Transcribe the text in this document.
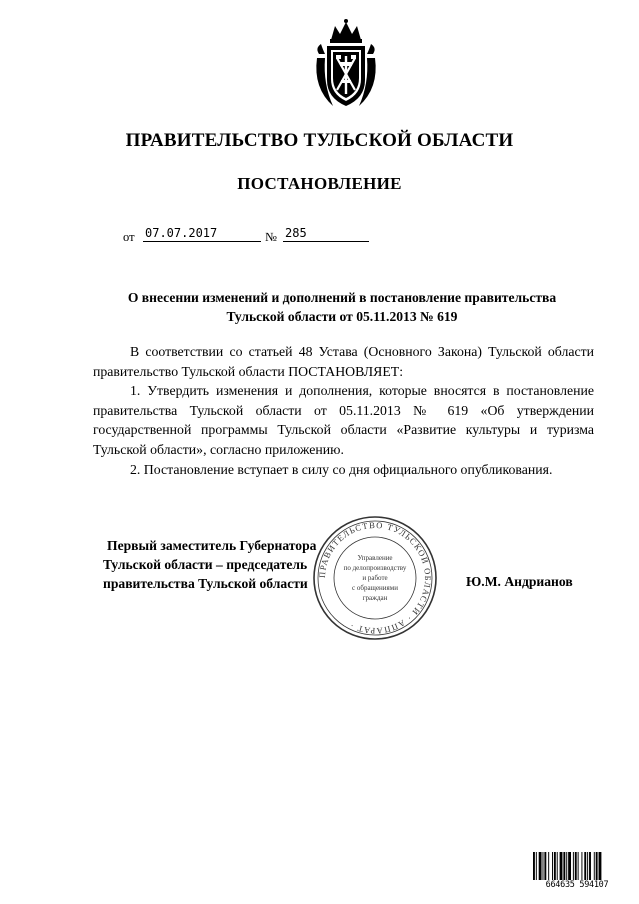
ПРАВИТЕЛЬСТВО ТУЛЬСКОЙ ОБЛАСТИ
ПОСТАНОВЛЕНИЕ
от 07.07.2017	№ 285
О внесении изменений и дополнений в постановление правительства
Тульской области от 05.11.2013 № 619

В соответствии со статьей 48 Устава (Основного Закона) Тульской области правительство Тульской области ПОСТАНОВЛЯЕТ:

1. Утвердить изменения и дополнения, которые вносятся в постановление правительства Тульской области от 05.11.2013 № 619 «Об утверждении государственной программы Тульской области «Развитие культуры и туризма Тульской области», согласно приложению.

2. Постановление вступает в силу со дня официального опубликования.

Первый заместитель Губернатора
Тульской области – председатель
правительства Тульской области	Ю.М. Андрианов
ПРАВИТЕЛЬСТВО ТУЛЬСКОЙ ОБЛАСТИ · АППАРАТ ·
Управление
по делопроизводству
и работе
с обращениями
граждан
664635 594107
